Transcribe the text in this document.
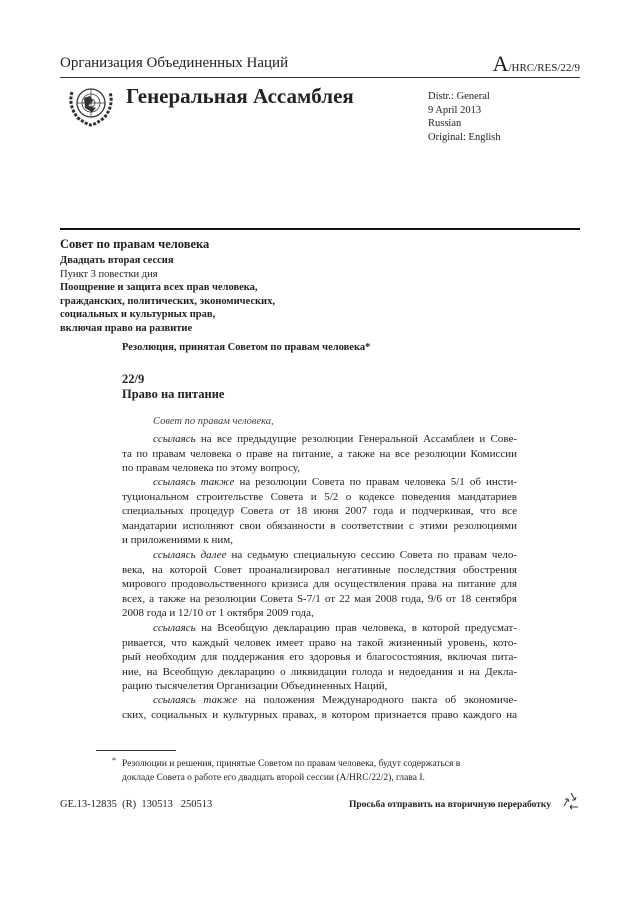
Организация Объединенных Наций	A/HRC/RES/22/9
Генеральная Ассамблея	Distr.: General
9 April 2013
Russian
Original: English
Совет по правам человека
Двадцать вторая сессия
Пункт 3 повестки дня
Поощрение и защита всех прав человека,
гражданских, политических, экономических,
социальных и культурных прав,
включая право на развитие
Резолюция, принятая Советом по правам человека*
22/9
Право на питание
Совет по правам человека,
ссылаясь на все предыдущие резолюции Генеральной Ассамблеи и Сове-
та по правам человека о праве на питание, а также на все резолюции Комиссии
по правам человека по этому вопросу,
ссылаясь также на резолюции Совета по правам человека 5/1 об инсти-
туциональном строительстве Совета и 5/2 о кодексе поведения мандатариев
специальных процедур Совета от 18 июня 2007 года и подчеркивая, что все
мандатарии исполняют свои обязанности в соответствии с этими резолюциями
и приложениями к ним,
ссылаясь далее на седьмую специальную сессию Совета по правам чело-
века, на которой Совет проанализировал негативные последствия обострения
мирового продовольственного кризиса для осуществления права на питание для
всех, а также на резолюции Совета S-7/1 от 22 мая 2008 года, 9/6 от 18 сентября
2008 года и 12/10 от 1 октября 2009 года,
ссылаясь на Всеобщую декларацию прав человека, в которой предусмат-
ривается, что каждый человек имеет право на такой жизненный уровень, кото-
рый необходим для поддержания его здоровья и благосостояния, включая пита-
ние, на Всеобщую декларацию о ликвидации голода и недоедания и на Декла-
рацию тысячелетия Организации Объединенных Наций,
ссылаясь также на положения Международного пакта об экономиче-
ских, социальных и культурных правах, в котором признается право каждого на
* Резолюции и решения, принятые Советом по правам человека, будут содержаться в
докладе Совета о работе его двадцать второй сессии (A/HRC/22/2), глава I.
GE.13-12835  (R)  130513   250513	Просьба отправить на вторичную переработку
